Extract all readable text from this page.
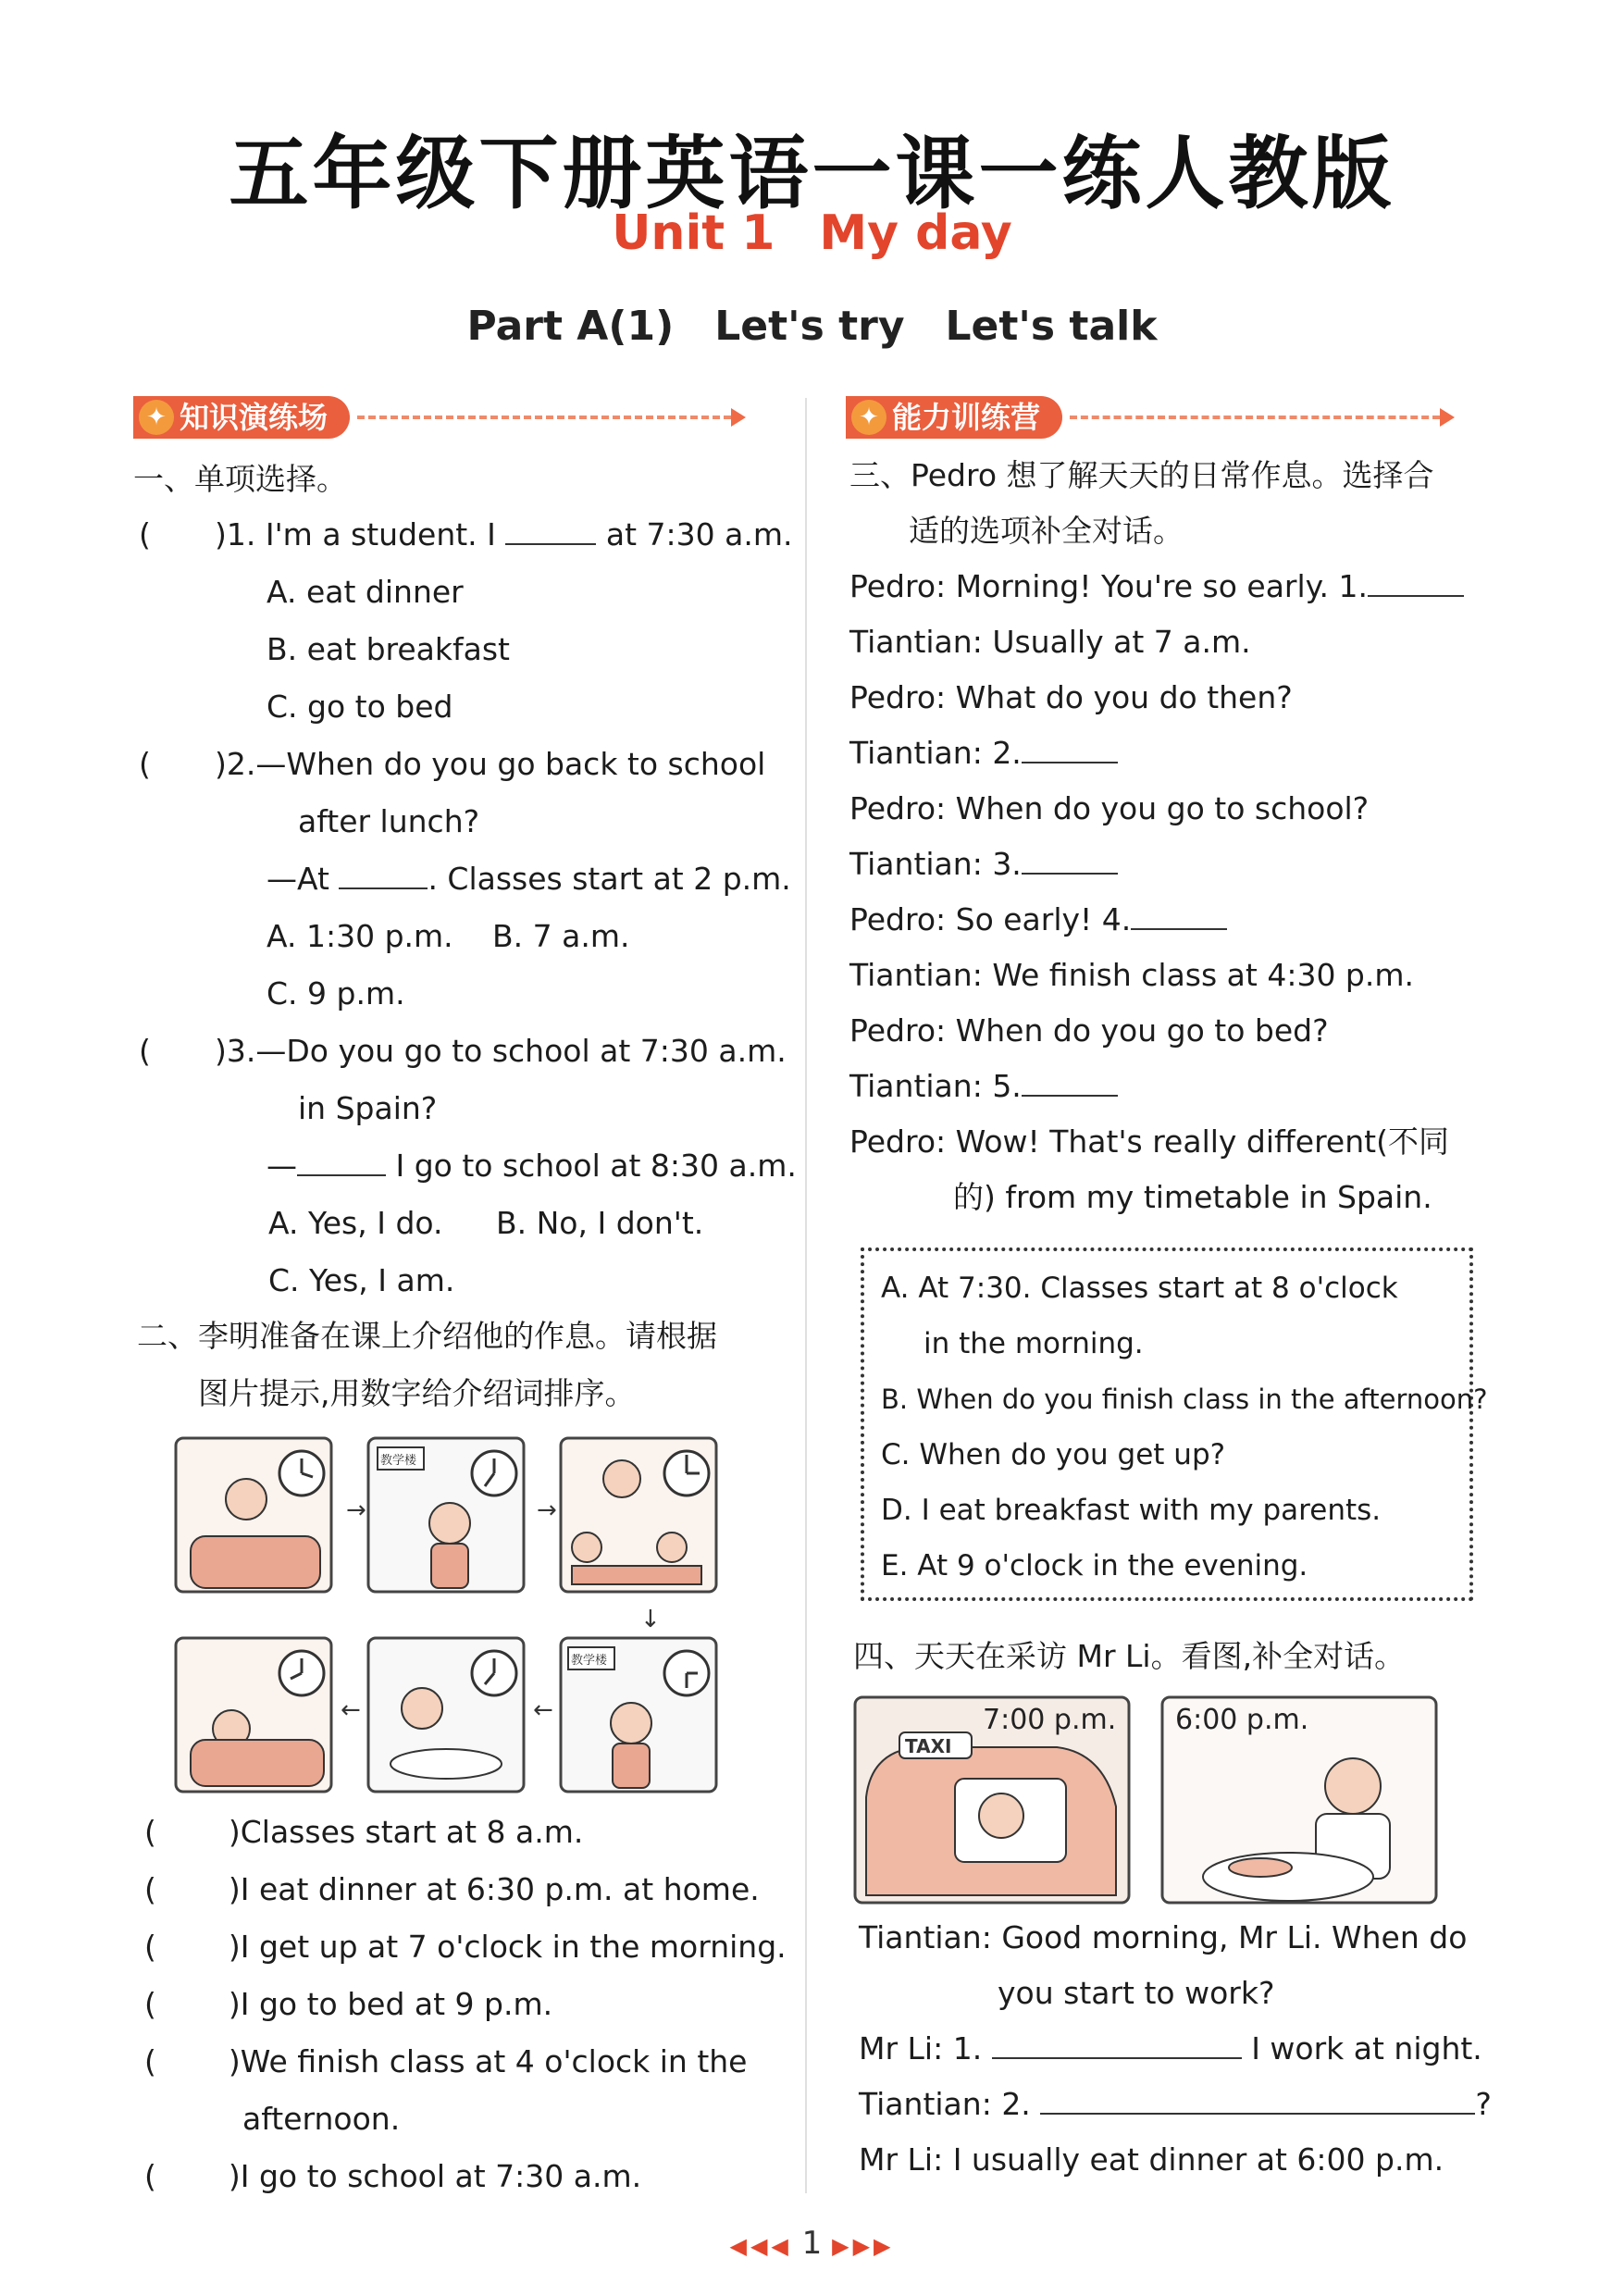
五年级下册英语一课一练人教版
Unit 1 My day
Part A(1) Let's try Let's talk
✦ 知识演练场
一、单项选择。
( )1. I'm a student. I	at 7:30 a.m.
A. eat dinner
B. eat breakfast
C. go to bed
( )2.—When do you go back to school
after lunch?
—At	. Classes start at 2 p.m.
A. 1:30 p.m. B. 7 a.m.
C. 9 p.m.
( )3.—Do you go to school at 7:30 a.m.
in Spain?
—	I go to school at 8:30 a.m.
A. Yes, I do. B. No, I don't.
C. Yes, I am.
二、李明准备在课上介绍他的作息。请根据
图片提示,用数字给介绍词排序。
→
教学楼
→
↓
←	←
教学楼
( )Classes start at 8 a.m.
( )I eat dinner at 6:30 p.m. at home.
( )I get up at 7 o'clock in the morning.
( )I go to bed at 9 p.m.
( )We finish class at 4 o'clock in the
afternoon.
( )I go to school at 7:30 a.m.
✦ 能力训练营
三、Pedro 想了解天天的日常作息。选择合
适的选项补全对话。
Pedro: Morning! You're so early. 1.
Tiantian: Usually at 7 a.m.
Pedro: What do you do then?
Tiantian: 2.
Pedro: When do you go to school?
Tiantian: 3.
Pedro: So early! 4.
Tiantian: We finish class at 4:30 p.m.
Pedro: When do you go to bed?
Tiantian: 5.
Pedro: Wow! That's really different(不同
的) from my timetable in Spain.
A. At 7:30. Classes start at 8 o'clock
in the morning.
B. When do you finish class in the afternoon?
C. When do you get up?
D. I eat breakfast with my parents.
E. At 9 o'clock in the evening.
四、天天在采访 Mr Li。看图,补全对话。
TAXI
7:00 p.m. 6:00 p.m.
Tiantian: Good morning, Mr Li. When do
you start to work?
Mr Li: 1.	I work at night.
Tiantian: 2.	?
Mr Li: I usually eat dinner at 6:00 p.m.
◀◀◀ 1 ▶▶▶
